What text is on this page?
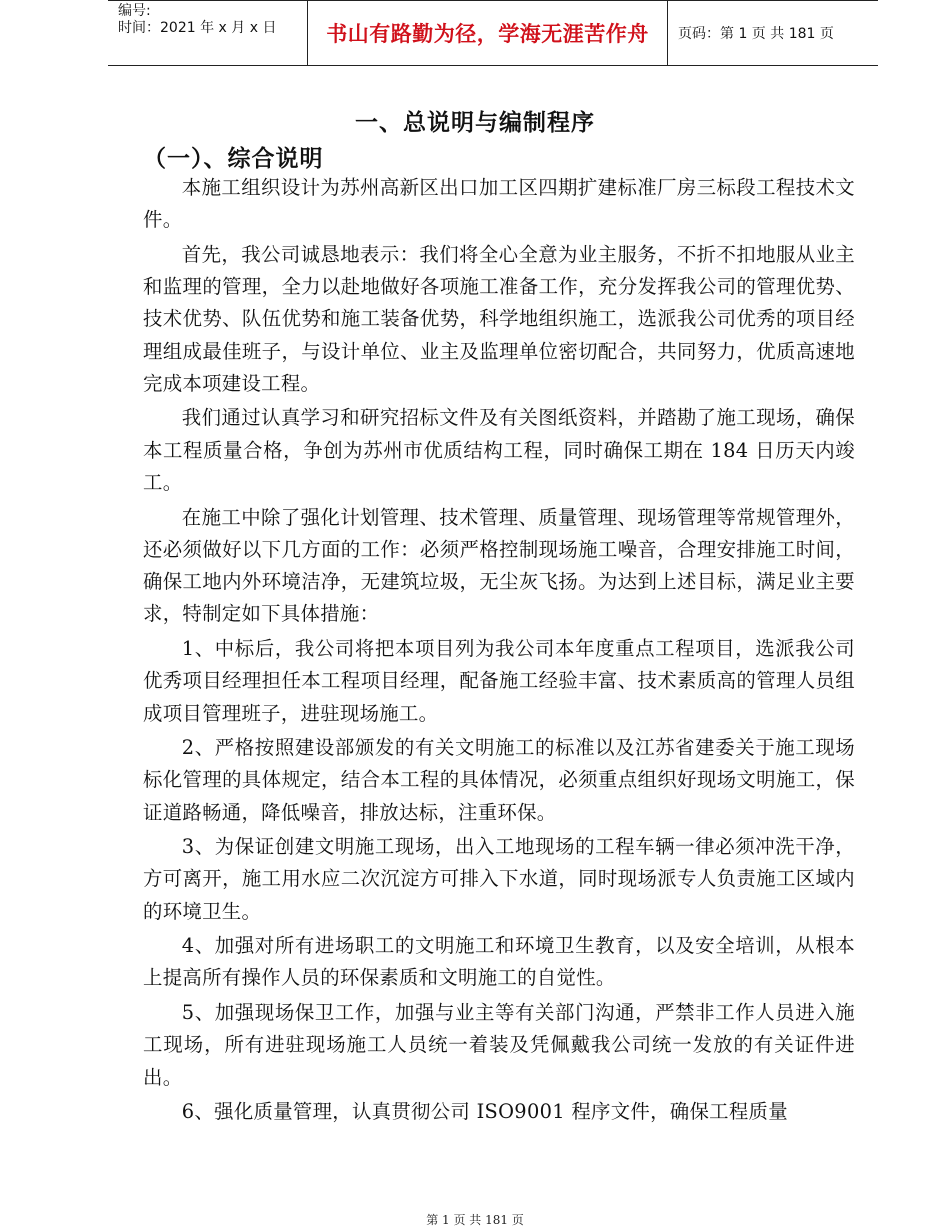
编号:
时间：2021 年 x 月 x 日	书山有路勤为径，学海无涯苦作舟 页码：第 1 页 共 181 页
一、总说明与编制程序
（一）、综合说明

本施工组织设计为苏州高新区出口加工区四期扩建标准厂房三标段工程技术文件。

首先，我公司诚恳地表示：我们将全心全意为业主服务，不折不扣地服从业主和监理的管理，全力以赴地做好各项施工准备工作，充分发挥我公司的管理优势、技术优势、队伍优势和施工装备优势，科学地组织施工，选派我公司优秀的项目经理组成最佳班子，与设计单位、业主及监理单位密切配合，共同努力，优质高速地完成本项建设工程。

我们通过认真学习和研究招标文件及有关图纸资料，并踏勘了施工现场，确保本工程质量合格，争创为苏州市优质结构工程，同时确保工期在 184 日历天内竣工。

在施工中除了强化计划管理、技术管理、质量管理、现场管理等常规管理外，还必须做好以下几方面的工作：必须严格控制现场施工噪音，合理安排施工时间，确保工地内外环境洁净，无建筑垃圾，无尘灰飞扬。为达到上述目标，满足业主要求，特制定如下具体措施：

1、中标后，我公司将把本项目列为我公司本年度重点工程项目，选派我公司优秀项目经理担任本工程项目经理，配备施工经验丰富、技术素质高的管理人员组成项目管理班子，进驻现场施工。

2、严格按照建设部颁发的有关文明施工的标准以及江苏省建委关于施工现场标化管理的具体规定，结合本工程的具体情况，必须重点组织好现场文明施工，保证道路畅通，降低噪音，排放达标，注重环保。

3、为保证创建文明施工现场，出入工地现场的工程车辆一律必须冲洗干净，方可离开，施工用水应二次沉淀方可排入下水道，同时现场派专人负责施工区域内的环境卫生。

4、加强对所有进场职工的文明施工和环境卫生教育，以及安全培训，从根本上提高所有操作人员的环保素质和文明施工的自觉性。

5、加强现场保卫工作，加强与业主等有关部门沟通，严禁非工作人员进入施工现场，所有进驻现场施工人员统一着装及凭佩戴我公司统一发放的有关证件进出。

6、强化质量管理，认真贯彻公司 ISO9001 程序文件，确保工程质量

第 1 页 共 181 页
